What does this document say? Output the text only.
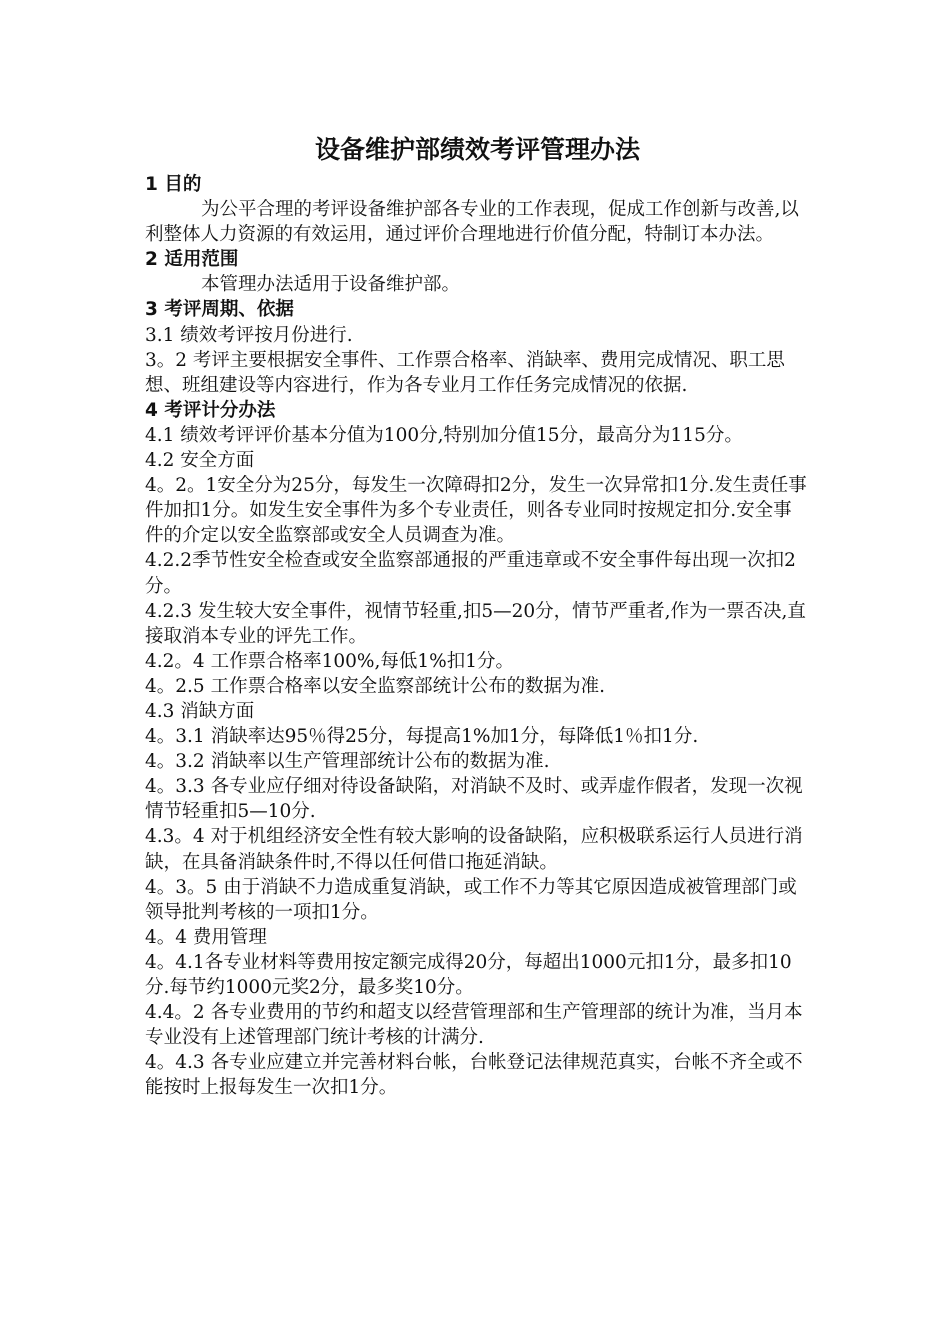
设备维护部绩效考评管理办法

1 目的

为公平合理的考评设备维护部各专业的工作表现，促成工作创新与改善,以利整体人力资源的有效运用，通过评价合理地进行价值分配，特制订本办法。

2 适用范围

本管理办法适用于设备维护部。

3 考评周期、依据

3.1 绩效考评按月份进行.

3。2 考评主要根据安全事件、工作票合格率、消缺率、费用完成情况、职工思想、班组建设等内容进行，作为各专业月工作任务完成情况的依据.

4 考评计分办法

4.1 绩效考评评价基本分值为100分,特别加分值15分，最高分为115分。

4.2 安全方面

4。2。1安全分为25分，每发生一次障碍扣2分，发生一次异常扣1分.发生责任事件加扣1分。如发生安全事件为多个专业责任，则各专业同时按规定扣分.安全事件的介定以安全监察部或安全人员调查为准。

4.2.2季节性安全检查或安全监察部通报的严重违章或不安全事件每出现一次扣2分。

4.2.3 发生较大安全事件，视情节轻重,扣5—20分，情节严重者,作为一票否决,直接取消本专业的评先工作。

4.2。4 工作票合格率100%,每低1%扣1分。

4。2.5 工作票合格率以安全监察部统计公布的数据为准.

4.3 消缺方面

4。3.1 消缺率达95％得25分，每提高1%加1分，每降低1％扣1分.

4。3.2 消缺率以生产管理部统计公布的数据为准.

4。3.3 各专业应仔细对待设备缺陷，对消缺不及时、或弄虚作假者，发现一次视情节轻重扣5—10分.

4.3。4 对于机组经济安全性有较大影响的设备缺陷，应积极联系运行人员进行消缺，在具备消缺条件时,不得以任何借口拖延消缺。

4。3。5 由于消缺不力造成重复消缺，或工作不力等其它原因造成被管理部门或领导批判考核的一项扣1分。

4。4 费用管理

4。4.1各专业材料等费用按定额完成得20分，每超出1000元扣1分，最多扣10分.每节约1000元奖2分，最多奖10分。

4.4。2 各专业费用的节约和超支以经营管理部和生产管理部的统计为准，当月本专业没有上述管理部门统计考核的计满分.

4。4.3 各专业应建立并完善材料台帐，台帐登记法律规范真实，台帐不齐全或不能按时上报每发生一次扣1分。
